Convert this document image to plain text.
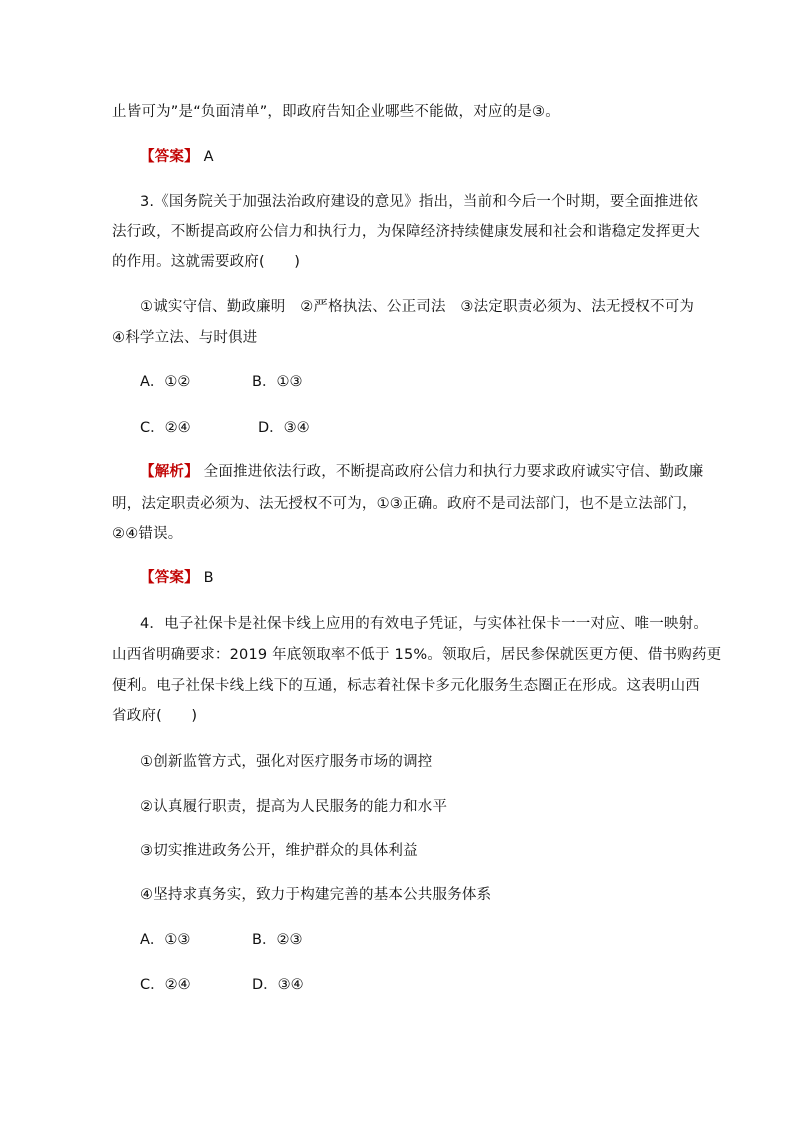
止皆可为”是“负面清单”，即政府告知企业哪些不能做，对应的是③。
【答案】 A
3.《国务院关于加强法治政府建设的意见》指出，当前和今后一个时期，要全面推进依
法行政，不断提高政府公信力和执行力，为保障经济持续健康发展和社会和谐稳定发挥更大
的作用。这就需要政府(　　)
①诚实守信、勤政廉明　②严格执法、公正司法　③法定职责必须为、法无授权不可为
④科学立法、与时俱进
A．①②	B．①③
C．②④	D．③④
【解析】 全面推进依法行政，不断提高政府公信力和执行力要求政府诚实守信、勤政廉
明，法定职责必须为、法无授权不可为，①③正确。政府不是司法部门，也不是立法部门，
②④错误。
【答案】 B
4．电子社保卡是社保卡线上应用的有效电子凭证，与实体社保卡一一对应、唯一映射。
山西省明确要求：2019 年底领取率不低于 15%。领取后，居民参保就医更方便、借书购药更
便利。电子社保卡线上线下的互通，标志着社保卡多元化服务生态圈正在形成。这表明山西
省政府(　　)
①创新监管方式，强化对医疗服务市场的调控
②认真履行职责，提高为人民服务的能力和水平
③切实推进政务公开，维护群众的具体利益
④坚持求真务实，致力于构建完善的基本公共服务体系
A．①③	B．②③
C．②④	D．③④
